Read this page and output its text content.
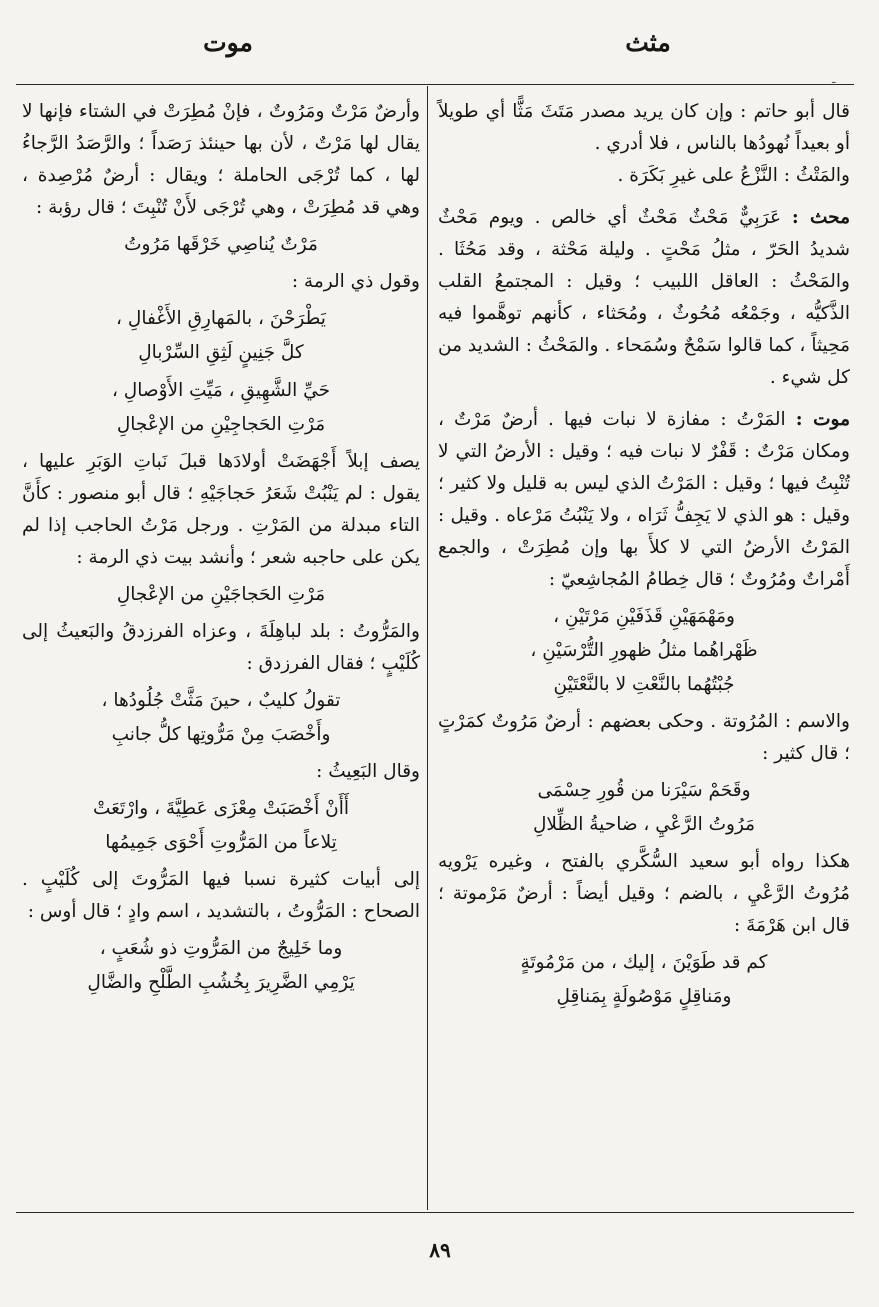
مثث
موت
ـ

قال أبو حاتم : وإن كان يريد مصدر مَتَثَ مَثًّا أي طويلاً أو بعيداً نُهودُها بالناس ، فلا أدري .

والمَتْثُ : النَّزْعُ على غيرِ بَكَرَة .

محث : عَرَبِيٌّ مَحْثٌ مَحْثٌ أي خالص . ويوم مَحْثٌ شديدُ الحَرّ ، مثلُ مَحْتٍ . وليلة مَحْثة ، وقد مَحُثَا . والمَحْثُ : العاقل اللبيب ؛ وقيل : المجتمعُ القلب الذَّكيُّه ، وجَمْعُه مُحُوثٌ ، ومُحَثاء ، كأنهم توهَّموا فيه مَحِيثاً ، كما قالوا سَمْحٌ وسُمَحاء . والمَحْثُ : الشديد من كل شيء .

موت : المَرْتُ : مفازة لا نبات فيها . أرضٌ مَرْتٌ ، ومكان مَرْتٌ : قَفْرٌ لا نبات فيه ؛ وقيل : الأرضُ التي لا تُنْبِتُ فيها ؛ وقيل : المَرْتُ الذي ليس به قليل ولا كثير ؛ وقيل : هو الذي لا يَجِفُّ ثَرَاه ، ولا يَنْبُتُ مَرْعاه . وقيل : المَرْتُ الأرضُ التي لا كلأَ بها وإن مُطِرَتْ ، والجمع أَمْراتٌ ومُرُوتٌ ؛ قال خِطامُ المُجاشِعيّ :

ومَهْمَهَيْنِ قَذَفَيْنِ مَرْتَيْنِ ،
ظَهْراهُما مثلُ ظهورِ التُّرْسَيْنِ ،
جُبْتُهُما بالنَّعْتِ لا بالنَّعْتَيْنِ

والاسم : المُرُوتة . وحكى بعضهم : أرضٌ مَرُوتٌ كمَرْتٍ ؛ قال كثير :

وقَحَمْ سَيْرَنا من قُورِ حِسْمَى
مَرُوتُ الرَّعْيِ ، ضاحيةُ الظِّلالِ

هكذا رواه أبو سعيد السُّكَّري بالفتح ، وغيره يَرْويه مُرُوتُ الرَّعْيِ ، بالضم ؛ وقيل أيضاً : أرضٌ مَرْموتة ؛ قال ابن هَرْمَةَ :

كم قد طَوَيْنَ ، إليك ، من مَرْمُوتَةٍ
ومَناقِلٍ مَوْصُولَةٍ بِمَناقِلِ

وأرضٌ مَرْتٌ ومَرُوتٌ ، فإنْ مُطِرَتْ في الشتاء فإنها لا يقال لها مَرْتٌ ، لأن بها حينئذ رَصَداً ؛ والرَّصَدُ الرَّجاءُ لها ، كما تُرْجَى الحاملة ؛ ويقال : أرضٌ مُرْصِدة ، وهي قد مُطِرَتْ ، وهي تُرْجَى لأَنْ تُنْبِتَ ؛ قال رؤبة :

مَرْتٌ يُناصِي خَرْقَها مَرُوتُ

وقول ذي الرمة :

يَطْرَحْنَ ، بالمَهارِقِ الأَغْفالِ ،
كلَّ جَنِينٍ لَثِقِ السِّرْبالِ
حَيِّ الشَّهِيقِ ، مَيِّتِ الأَوْصالِ ،
مَرْتِ الحَجاجِيْنِ من الإعْجالِ

يصف إبلاً أَجْهَضَتْ أولادَها قبلَ نَباتِ الوَبَرِ عليها ، يقول : لم يَنْبُتْ شَعَرُ حَجاجَيْهِ ؛ قال أبو منصور : كأَنَّ التاء مبدلة من المَرْتِ . ورجل مَرْتُ الحاجب إذا لم يكن على حاجبه شعر ؛ وأنشد بيت ذي الرمة :

مَرْتِ الحَجاجَيْنِ من الإعْجالِ

والمَرُّوتُ : بلد لباهِلَةَ ، وعزاه الفرزدقُ والبَعيثُ إلى كُلَيْبٍ ؛ فقال الفرزدق :

تقولُ كليبٌ ، حينَ مَثَّتْ جُلُودُها ،
وأَخْصَبَ مِنْ مَرُّوتِها كلُّ جانبِ

وقال البَعِيثُ :

أَأَنْ أَخْصَبَتْ مِعْزَى عَطِيَّةَ ، وارْتَعَتْ
تِلاعاً من المَرُّوتِ أَحْوَى جَمِيمُها

إلى أبيات كثيرة نسبا فيها المَرُّوتَ إلى كُلَيْبٍ . الصحاح : المَرُّوتُ ، بالتشديد ، اسم وادٍ ؛ قال أوس :

وما خَلِيجٌ من المَرُّوتِ ذو شُعَبٍ ،
يَرْمِي الضَّرِيرَ بِخُشُبِ الطَّلْحِ والضَّالِ
٨٩
